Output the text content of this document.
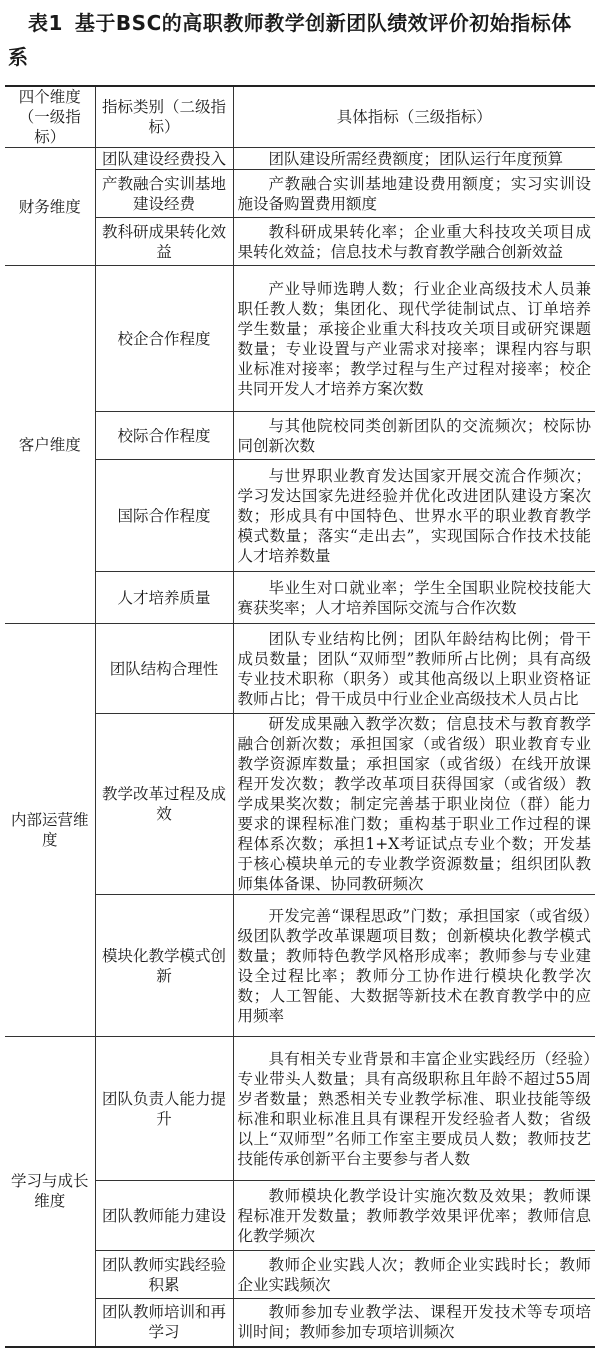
表1 基于BSC的高职教师教学创新团队绩效评价初始指标体系
四个维度（一级指标）	指标类别（二级指标）	具体指标（三级指标）
财务维度	团队建设经费投入	团队建设所需经费额度；团队运行年度预算

	产教融合实训基地建设经费	产教融合实训基地建设费用额度；实习实训设施设备购置费用额度

	教科研成果转化效益	教科研成果转化率；企业重大科技攻关项目成果转化效益；信息技术与教育教学融合创新效益

客户维度	校企合作程度	产业导师选聘人数；行业企业高级技术人员兼职任教人数；集团化、现代学徒制试点、订单培养学生数量；承接企业重大科技攻关项目或研究课题数量；专业设置与产业需求对接率；课程内容与职业标准对接率；教学过程与生产过程对接率；校企共同开发人才培养方案次数

	校际合作程度	与其他院校同类创新团队的交流频次；校际协同创新次数

	国际合作程度	与世界职业教育发达国家开展交流合作频次；学习发达国家先进经验并优化改进团队建设方案次数；形成具有中国特色、世界水平的职业教育教学模式数量；落实“走出去”，实现国际合作技术技能人才培养数量

	人才培养质量	毕业生对口就业率；学生全国职业院校技能大赛获奖率；人才培养国际交流与合作次数

内部运营维度	团队结构合理性	团队专业结构比例；团队年龄结构比例；骨干成员数量；团队“双师型”教师所占比例；具有高级专业技术职称（职务）或其他高级以上职业资格证教师占比；骨干成员中行业企业高级技术人员占比

	教学改革过程及成效	研发成果融入教学次数；信息技术与教育教学融合创新次数；承担国家（或省级）职业教育专业教学资源库数量；承担国家（或省级）在线开放课程开发次数；教学改革项目获得国家（或省级）教学成果奖次数；制定完善基于职业岗位（群）能力要求的课程标准门数；重构基于职业工作过程的课程体系次数；承担1+X考证试点专业个数；开发基于核心模块单元的专业教学资源数量；组织团队教师集体备课、协同教研频次

	模块化教学模式创新	开发完善“课程思政”门数；承担国家（或省级）级团队教学改革课题项目数；创新模块化教学模式数量；教师特色教学风格形成率；教师参与专业建设全过程比率；教师分工协作进行模块化教学次数；人工智能、大数据等新技术在教育教学中的应用频率

学习与成长维度	团队负责人能力提升	具有相关专业背景和丰富企业实践经历（经验）专业带头人数量；具有高级职称且年龄不超过55周岁者数量；熟悉相关专业教学标准、职业技能等级标准和职业标准且具有课程开发经验者人数；省级以上“双师型”名师工作室主要成员人数；教师技艺技能传承创新平台主要参与者人数

	团队教师能力建设	教师模块化教学设计实施次数及效果；教师课程标准开发数量；教师教学效果评优率；教师信息化教学频次

	团队教师实践经验积累	教师企业实践人次；教师企业实践时长；教师企业实践频次

	团队教师培训和再学习	教师参加专业教学法、课程开发技术等专项培训时间；教师参加专项培训频次
